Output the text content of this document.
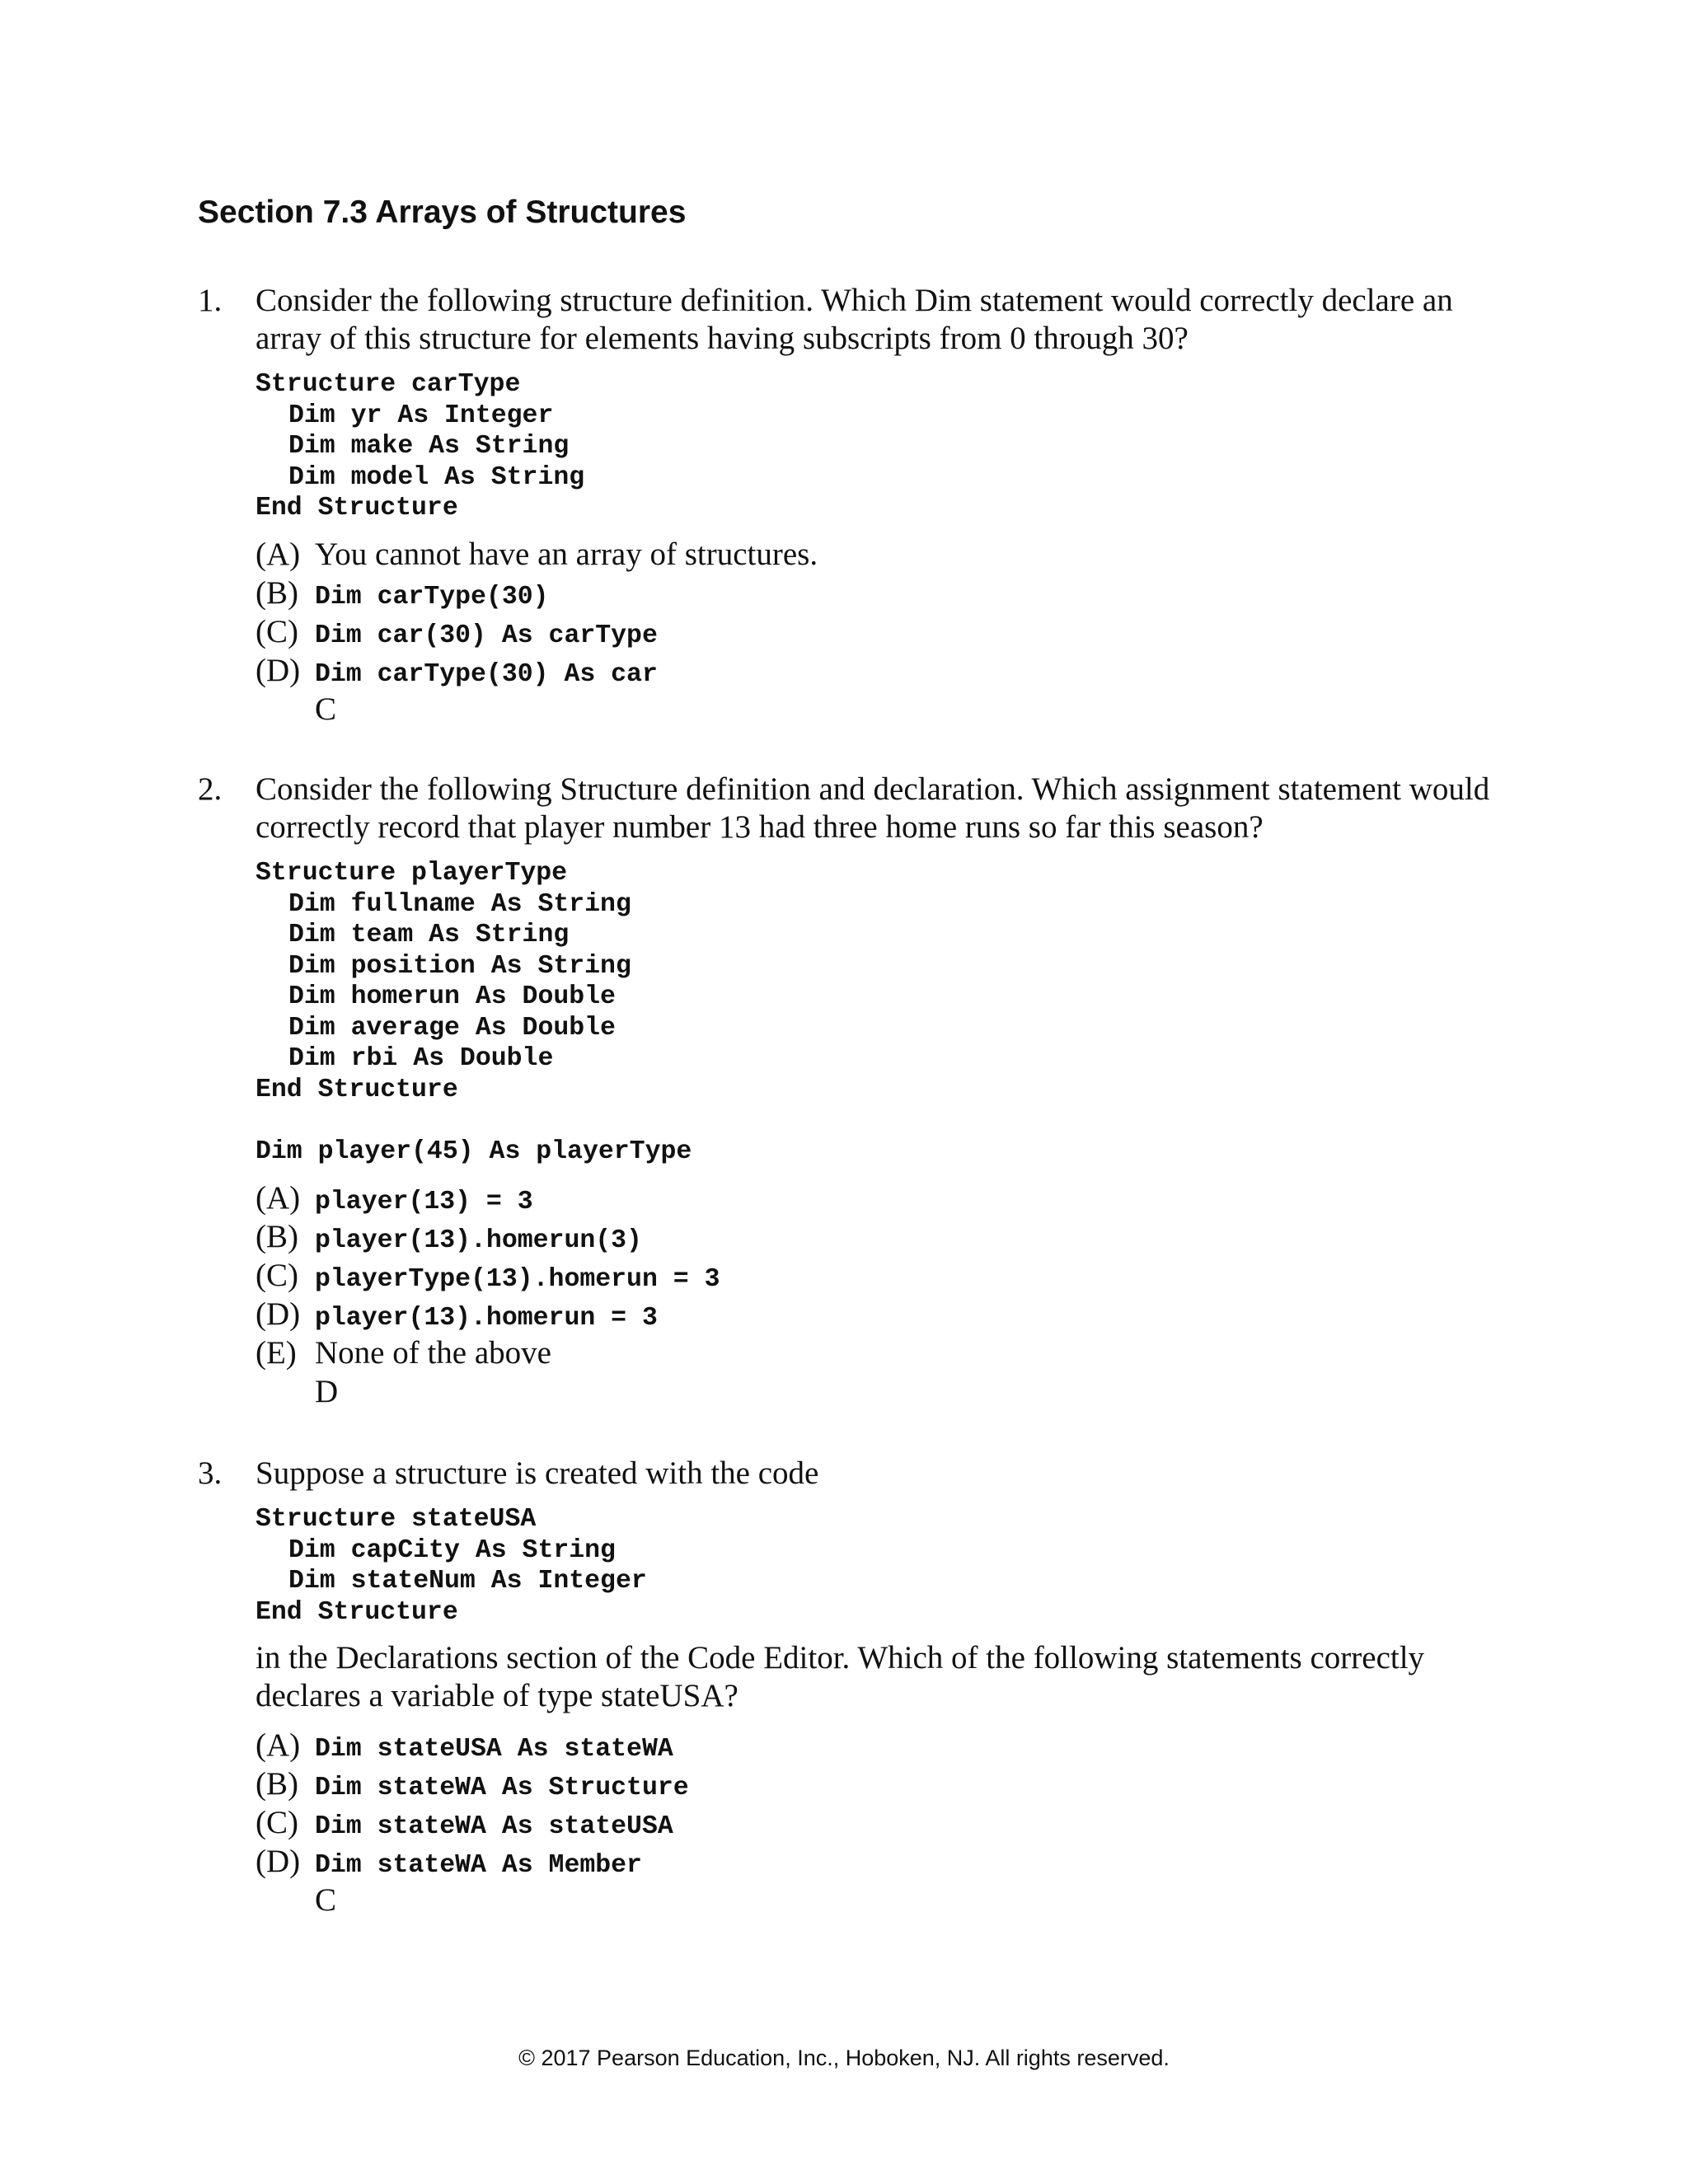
Section 7.3 Arrays of Structures
1. Consider the following structure definition. Which Dim statement would correctly declare an array of this structure for elements having subscripts from 0 through 30?
Structure carType
Dim yr As Integer
Dim make As String
Dim model As String
End Structure
(A) You cannot have an array of structures.
(B) Dim carType(30)
(C) Dim car(30) As carType
(D) Dim carType(30) As car
C
2. Consider the following Structure definition and declaration. Which assignment statement would correctly record that player number 13 had three home runs so far this season?
Structure playerType
Dim fullname As String
Dim team As String
Dim position As String
Dim homerun As Double
Dim average As Double
Dim rbi As Double
End Structure
Dim player(45) As playerType
(A) player(13) = 3
(B) player(13).homerun(3)
(C) playerType(13).homerun = 3
(D) player(13).homerun = 3
(E) None of the above
D
3. Suppose a structure is created with the code
Structure stateUSA
Dim capCity As String
Dim stateNum As Integer
End Structure
in the Declarations section of the Code Editor. Which of the following statements correctly declares a variable of type stateUSA?
(A) Dim stateUSA As stateWA
(B) Dim stateWA As Structure
(C) Dim stateWA As stateUSA
(D) Dim stateWA As Member
C
© 2017 Pearson Education, Inc., Hoboken, NJ. All rights reserved.
